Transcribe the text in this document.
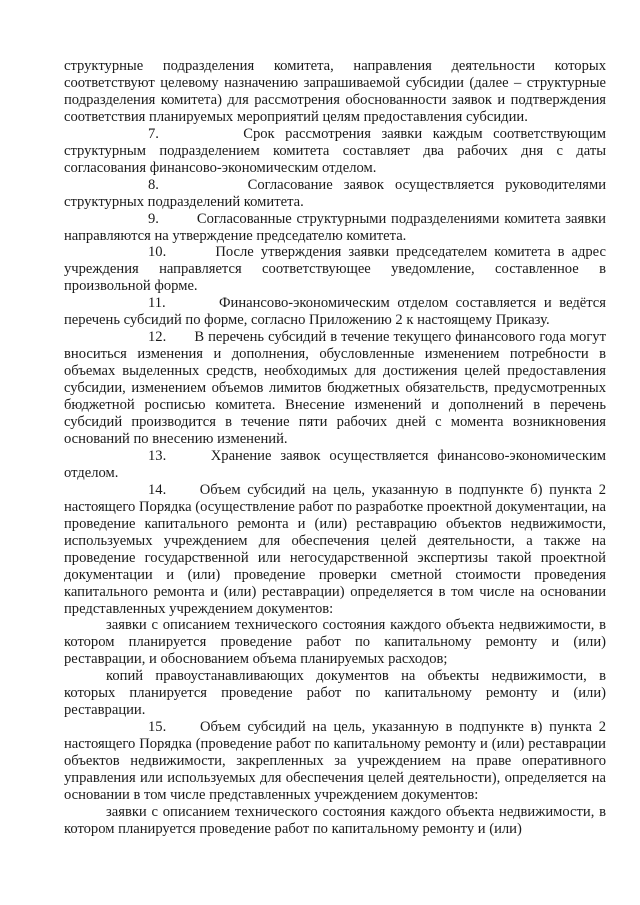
структурные подразделения комитета, направления деятельности которых соответствуют целевому назначению запрашиваемой субсидии (далее – структурные подразделения комитета) для рассмотрения обоснованности заявок и подтверждения соответствия планируемых мероприятий целям предоставления субсидии.

7.	Срок рассмотрения заявки каждым соответствующим структурным подразделением комитета составляет два рабочих дня с даты согласования финансово-экономическим отделом.

8.	Согласование заявок осуществляется руководителями структурных подразделений комитета.

9.	Согласованные структурными подразделениями комитета заявки направляются на утверждение председателю комитета.

10.	После утверждения заявки председателем комитета в адрес учреждения направляется соответствующее уведомление, составленное в произвольной форме.

11.	Финансово-экономическим отделом составляется и ведётся перечень субсидий по форме, согласно Приложению 2 к настоящему Приказу.

12. В перечень субсидий в течение текущего финансового года могут вноситься изменения и дополнения, обусловленные изменением потребности в объемах выделенных средств, необходимых для достижения целей предоставления субсидии, изменением объемов лимитов бюджетных обязательств, предусмотренных бюджетной росписью комитета. Внесение изменений и дополнений в перечень субсидий производится в течение пяти рабочих дней с момента возникновения оснований по внесению изменений.

13.	Хранение заявок осуществляется финансово-экономическим отделом.

14. Объем субсидий на цель, указанную в подпункте б) пункта 2 настоящего Порядка (осуществление работ по разработке проектной документации, на проведение капитального ремонта и (или) реставрацию объектов недвижимости, используемых учреждением для обеспечения целей деятельности, а также на проведение государственной или негосударственной экспертизы такой проектной документации и (или) проведение проверки сметной стоимости проведения капитального ремонта и (или) реставрации) определяется в том числе на основании представленных учреждением документов:

заявки с описанием технического состояния каждого объекта недвижимости, в котором планируется проведение работ по капитальному ремонту и (или) реставрации, и обоснованием объема планируемых расходов;

копий правоустанавливающих документов на объекты недвижимости, в которых планируется проведение работ по капитальному ремонту и (или) реставрации.

15. Объем субсидий на цель, указанную в подпункте в) пункта 2 настоящего Порядка (проведение работ по капитальному ремонту и (или) реставрации объектов недвижимости, закрепленных за учреждением на праве оперативного управления или используемых для обеспечения целей деятельности), определяется на основании в том числе представленных учреждением документов:

заявки с описанием технического состояния каждого объекта недвижимости, в котором планируется проведение работ по капитальному ремонту и (или)
